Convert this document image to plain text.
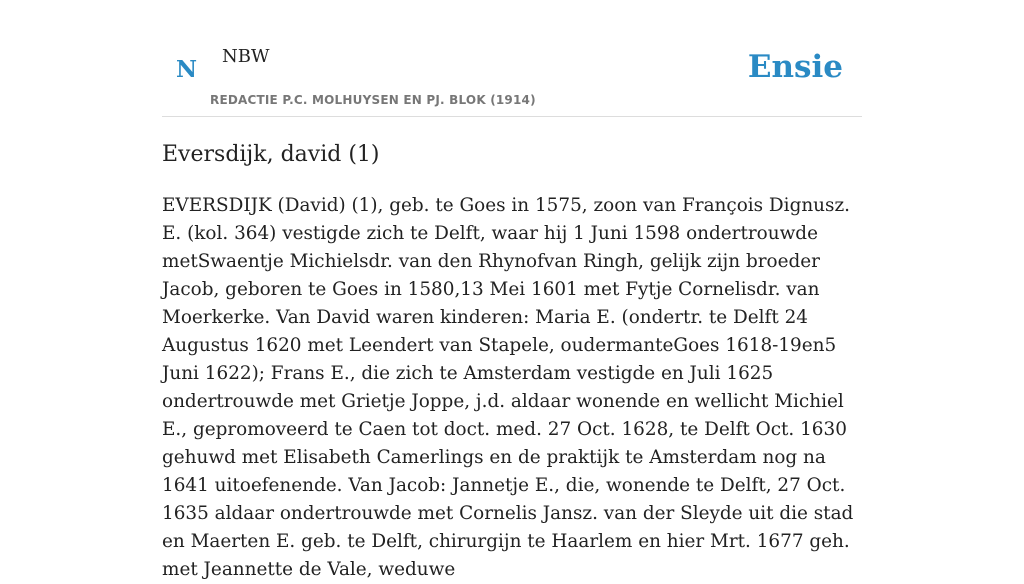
N NBW
REDACTIE P.C. MOLHUYSEN EN PJ. BLOK (1914)
Ensie
Eversdijk, david (1)

EVERSDIJK (David) (1), geb. te Goes in 1575, zoon van François Dignusz. E. (kol. 364) vestigde zich te Delft, waar hij 1 Juni 1598 ondertrouwde metSwaentje Michielsdr. van den Rhynofvan Ringh, gelijk zijn broeder Jacob, geboren te Goes in 1580,13 Mei 1601 met Fytje Cornelisdr. van Moerkerke. Van David waren kinderen: Maria E. (ondertr. te Delft 24 Augustus 1620 met Leendert van Stapele, oudermanteGoes 1618-19en5 Juni 1622); Frans E., die zich te Amsterdam vestigde en Juli 1625 ondertrouwde met Grietje Joppe, j.d. aldaar wonende en wellicht Michiel E., gepromoveerd te Caen tot doct. med. 27 Oct. 1628, te Delft Oct. 1630 gehuwd met Elisabeth Camerlings en de praktijk te Amsterdam nog na 1641 uitoefenende. Van Jacob: Jannetje E., die, wonende te Delft, 27 Oct. 1635 aldaar ondertrouwde met Cornelis Jansz. van der Sleyde uit die stad en Maerten E. geb. te Delft, chirurgijn te Haarlem en hier Mrt. 1677 geh. met Jeannette de Vale, weduwe
